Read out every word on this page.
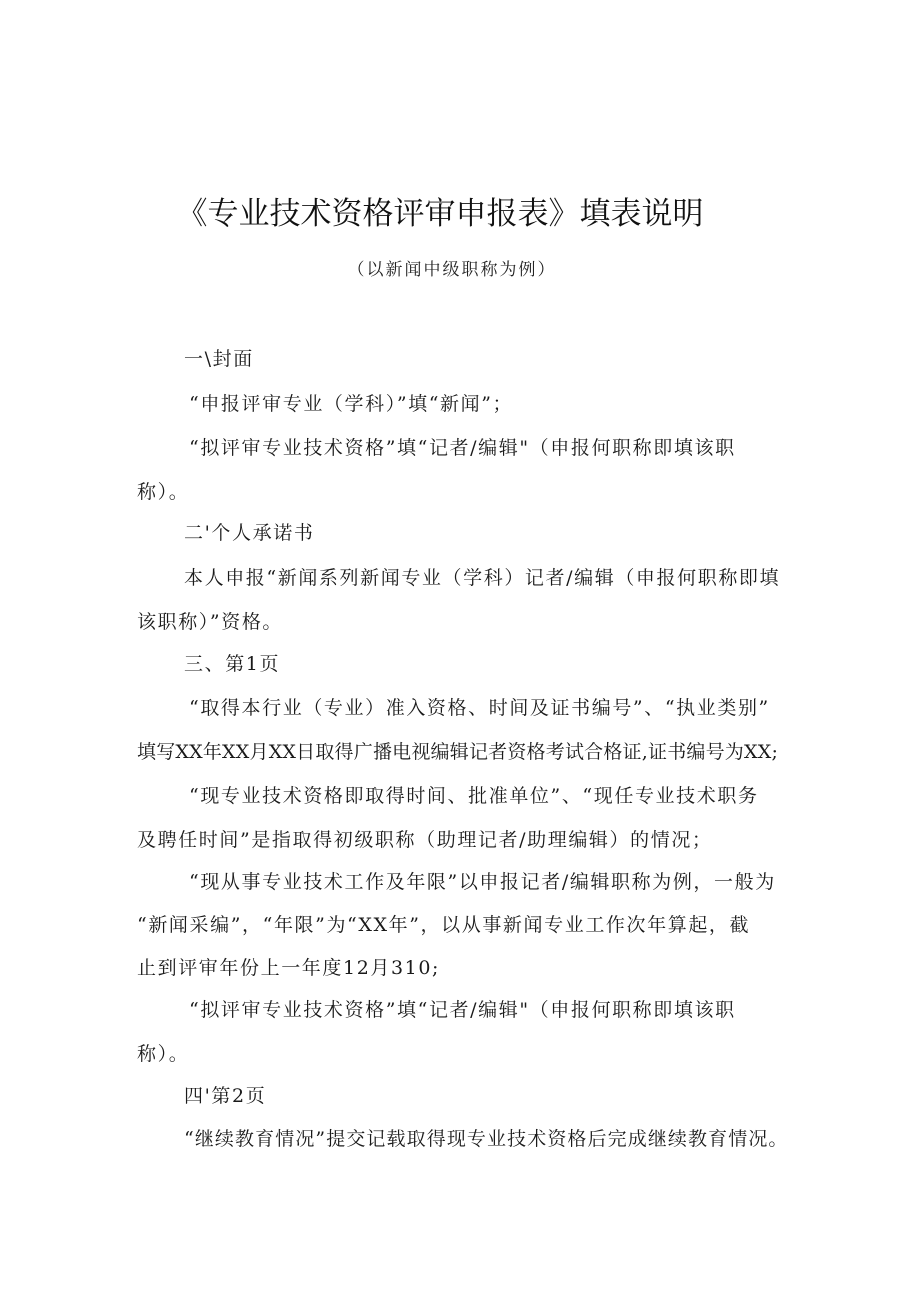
《专业技术资格评审申报表》填表说明
（以新闻中级职称为例）
一\封面
“申报评审专业（学科）”填“新闻”；
“拟评审专业技术资格”填“记者/编辑"（申报何职称即填该职
称）。
二'个人承诺书
本人申报“新闻系列新闻专业（学科）记者/编辑（申报何职称即填
该职称）”资格。
三、第1页
“取得本行业（专业）准入资格、时间及证书编号”、“执业类别”
填写XX年XX月XX日取得广播电视编辑记者资格考试合格证,证书编号为XX;
“现专业技术资格即取得时间、批准单位”、“现任专业技术职务
及聘任时间”是指取得初级职称（助理记者/助理编辑）的情况；
“现从事专业技术工作及年限”以申报记者/编辑职称为例，一般为
“新闻采编”，“年限”为“XX年”，以从事新闻专业工作次年算起，截
止到评审年份上一年度12月310;
“拟评审专业技术资格”填“记者/编辑"（申报何职称即填该职
称）。
四'第2页
“继续教育情况”提交记载取得现专业技术资格后完成继续教育情况。
